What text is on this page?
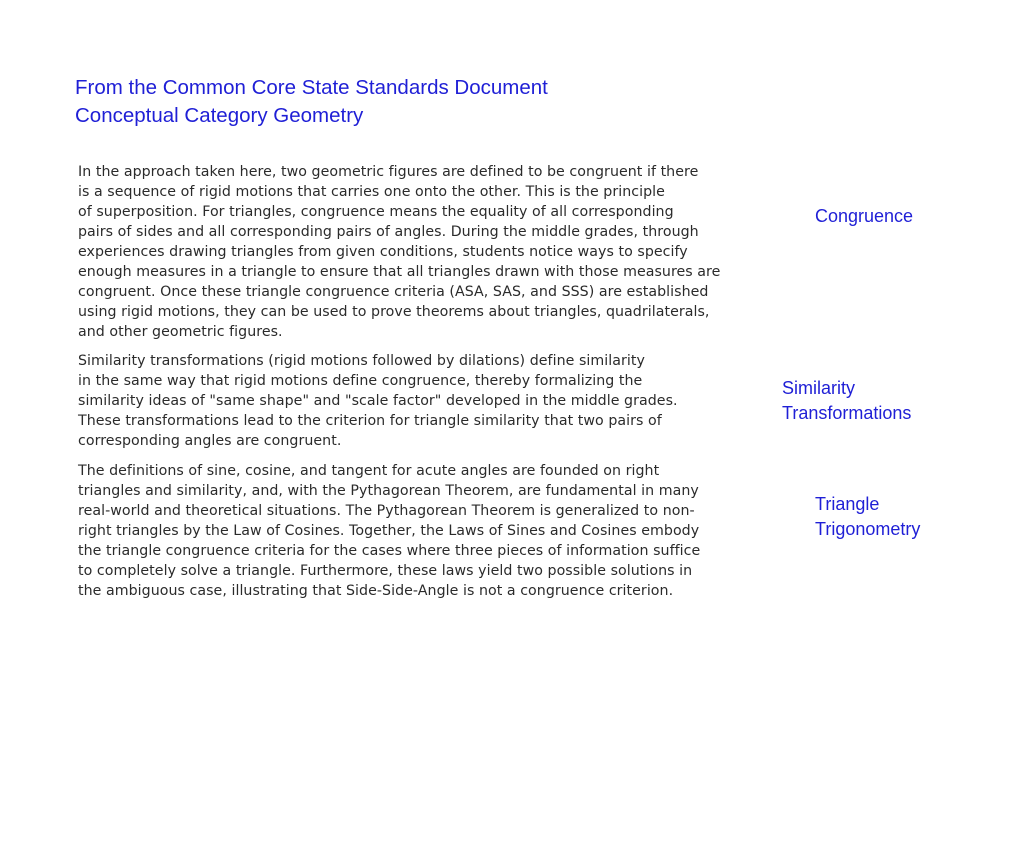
From the Common Core State Standards Document
Conceptual Category Geometry
In the approach taken here, two geometric figures are defined to be congruent if there
is a sequence of rigid motions that carries one onto the other. This is the principle
of superposition. For triangles, congruence means the equality of all corresponding
pairs of sides and all corresponding pairs of angles. During the middle grades, through
experiences drawing triangles from given conditions, students notice ways to specify
enough measures in a triangle to ensure that all triangles drawn with those measures are
congruent. Once these triangle congruence criteria (ASA, SAS, and SSS) are established
using rigid motions, they can be used to prove theorems about triangles, quadrilaterals,
and other geometric figures.
Similarity transformations (rigid motions followed by dilations) define similarity
in the same way that rigid motions define congruence, thereby formalizing the
similarity ideas of "same shape" and "scale factor" developed in the middle grades.
These transformations lead to the criterion for triangle similarity that two pairs of
corresponding angles are congruent.
The definitions of sine, cosine, and tangent for acute angles are founded on right
triangles and similarity, and, with the Pythagorean Theorem, are fundamental in many
real-world and theoretical situations. The Pythagorean Theorem is generalized to non-
right triangles by the Law of Cosines. Together, the Laws of Sines and Cosines embody
the triangle congruence criteria for the cases where three pieces of information suffice
to completely solve a triangle. Furthermore, these laws yield two possible solutions in
the ambiguous case, illustrating that Side-Side-Angle is not a congruence criterion.
Congruence
Similarity
Transformations
Triangle
Trigonometry
